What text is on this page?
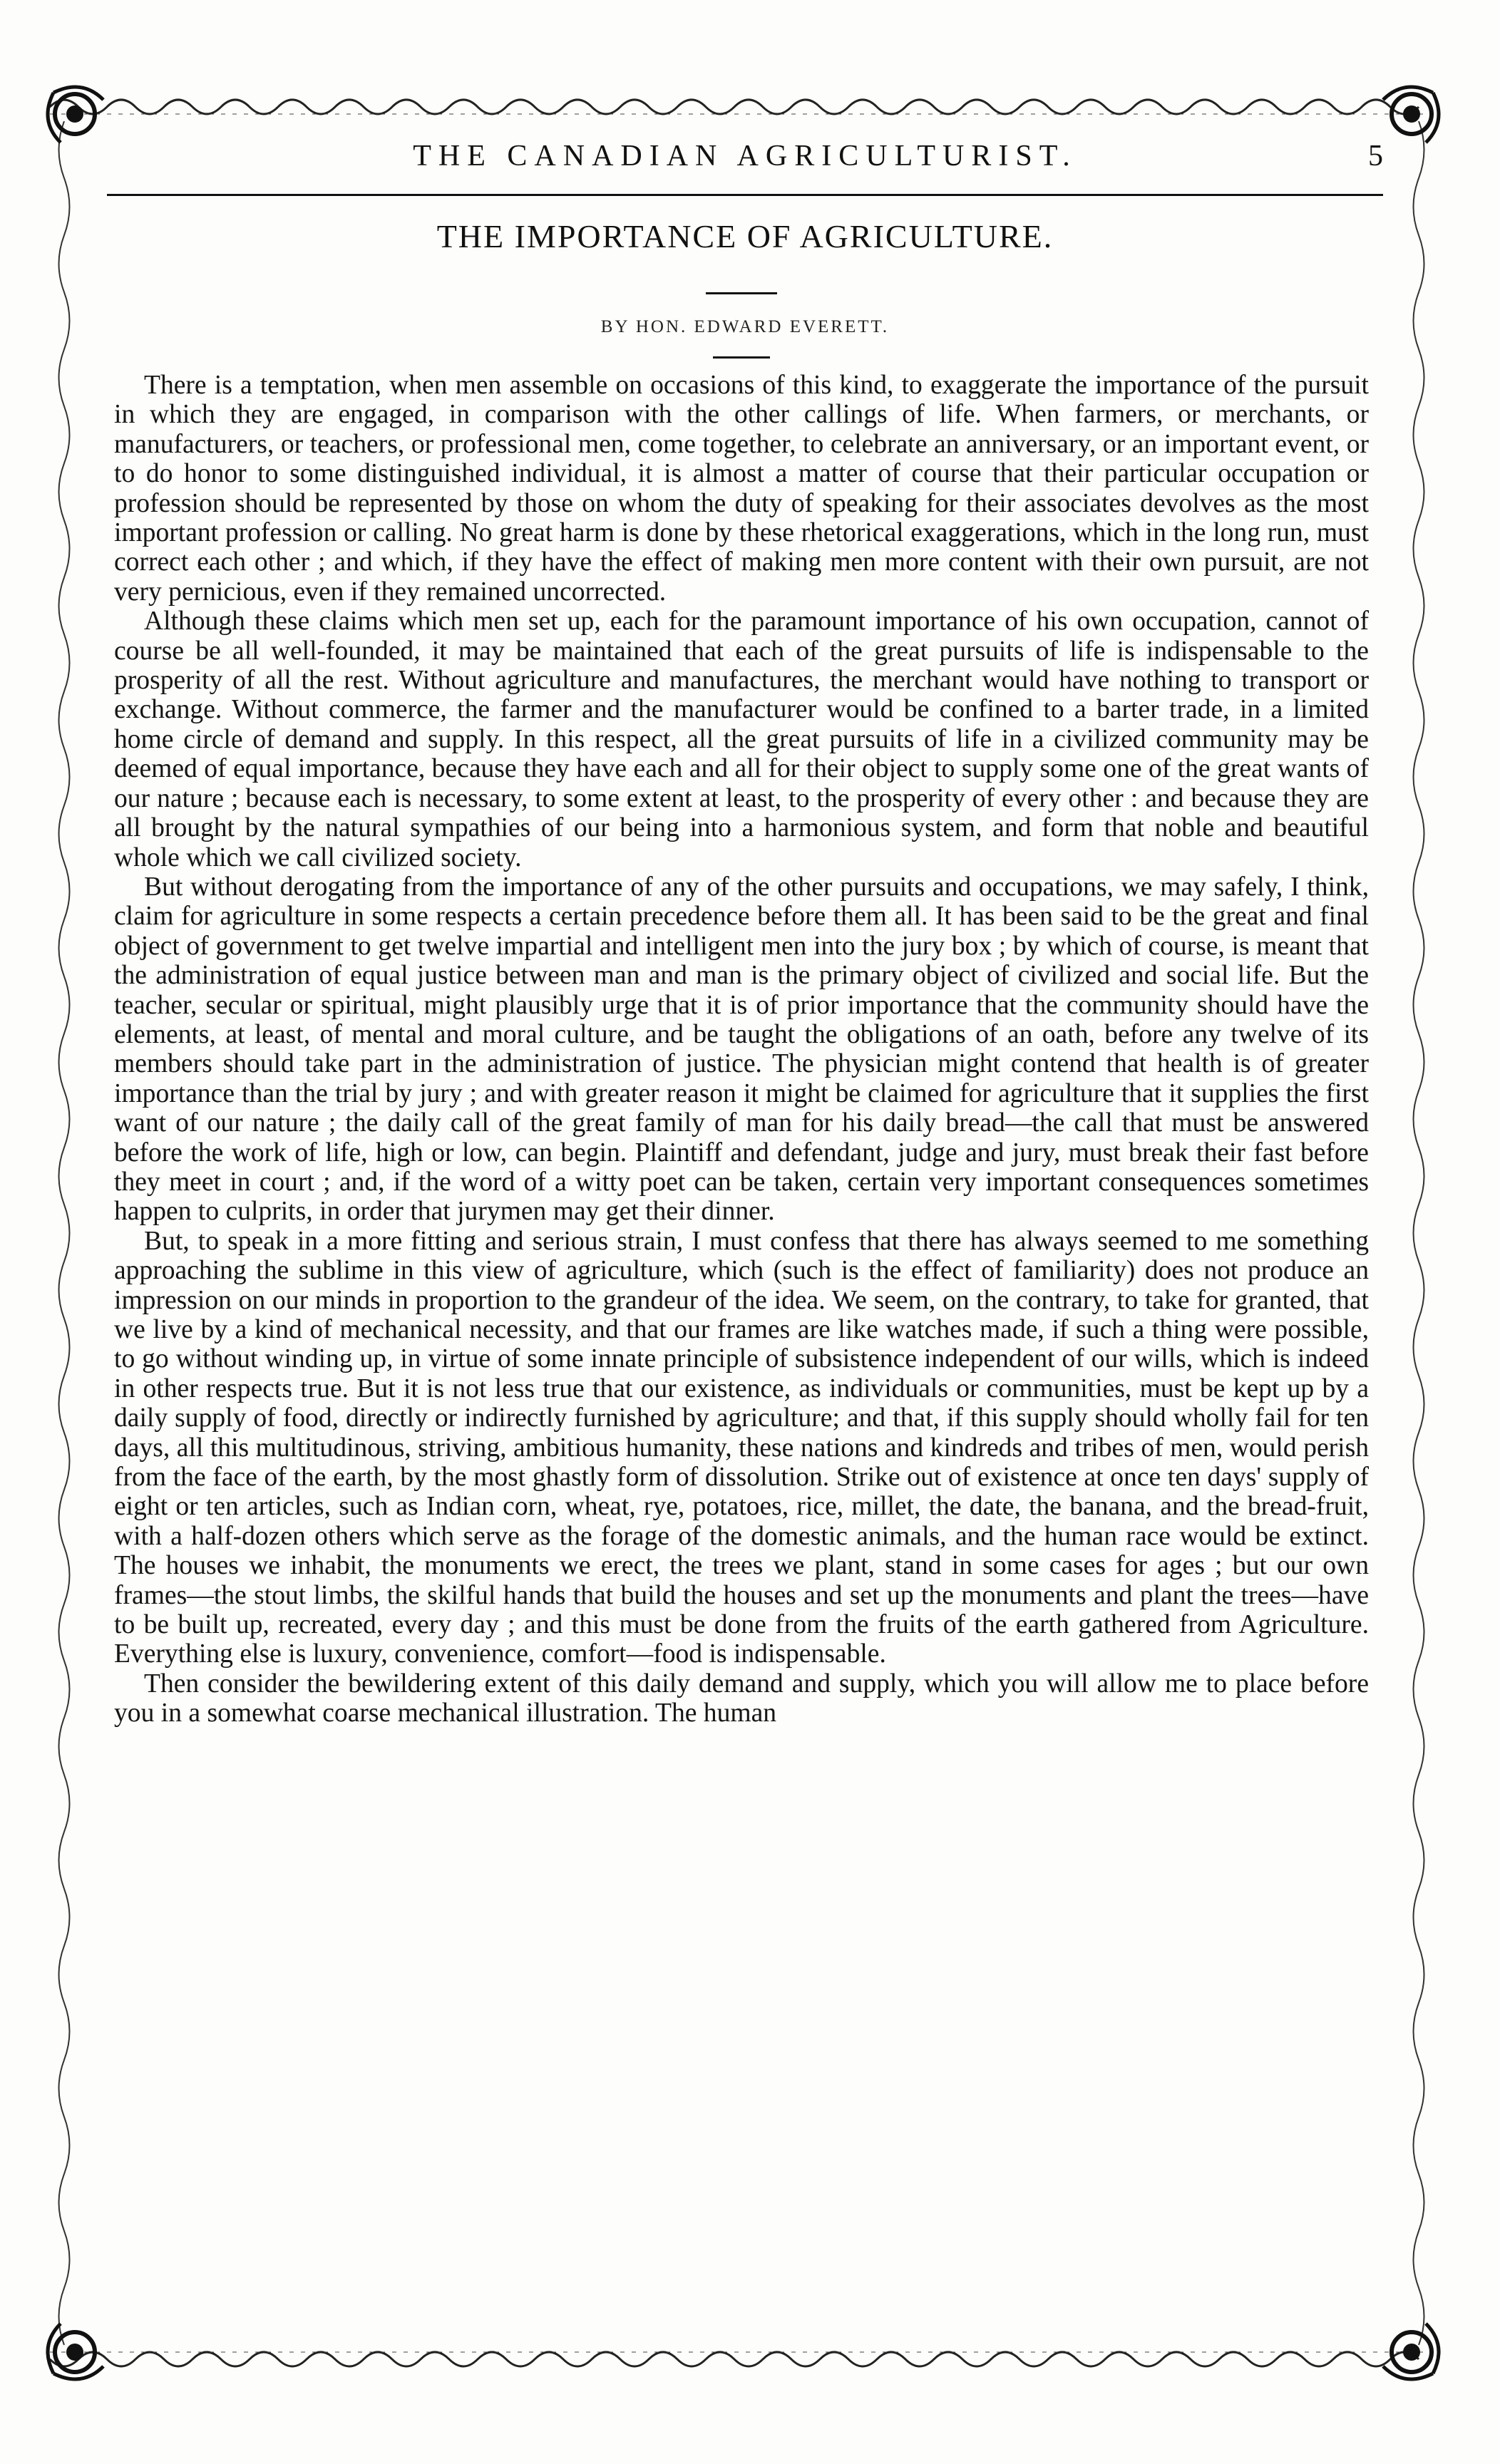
THE CANADIAN AGRICULTURIST.	5
THE IMPORTANCE OF AGRICULTURE.
BY HON. EDWARD EVERETT.

There is a temptation, when men assemble on occasions of this kind, to exaggerate the importance of the pursuit in which they are engaged, in comparison with the other callings of life. When farmers, or merchants, or manufacturers, or teachers, or professional men, come together, to celebrate an anniversary, or an important event, or to do honor to some distinguished individual, it is almost a matter of course that their particular occupation or profession should be represented by those on whom the duty of speaking for their associates devolves as the most important profession or calling. No great harm is done by these rhetorical exaggerations, which in the long run, must correct each other ; and which, if they have the effect of making men more content with their own pursuit, are not very pernicious, even if they remained uncorrected.

Although these claims which men set up, each for the paramount importance of his own occupation, cannot of course be all well-founded, it may be maintained that each of the great pursuits of life is indispensable to the prosperity of all the rest. Without agriculture and manufactures, the merchant would have nothing to transport or exchange. Without commerce, the farmer and the manufacturer would be confined to a barter trade, in a limited home circle of demand and supply. In this respect, all the great pursuits of life in a civilized community may be deemed of equal importance, because they have each and all for their object to supply some one of the great wants of our nature ; because each is necessary, to some extent at least, to the prosperity of every other : and because they are all brought by the natural sympathies of our being into a harmonious system, and form that noble and beautiful whole which we call civilized society.

But without derogating from the importance of any of the other pursuits and occupations, we may safely, I think, claim for agriculture in some respects a certain precedence before them all. It has been said to be the great and final object of government to get twelve impartial and intelligent men into the jury box ; by which of course, is meant that the administration of equal justice between man and man is the primary object of civilized and social life. But the teacher, secular or spiritual, might plausibly urge that it is of prior importance that the community should have the elements, at least, of mental and moral culture, and be taught the obligations of an oath, before any twelve of its members should take part in the administration of justice. The physician might contend that health is of greater importance than the trial by jury ; and with greater reason it might be claimed for agriculture that it supplies the first want of our nature ; the daily call of the great family of man for his daily bread—the call that must be answered before the work of life, high or low, can begin. Plaintiff and defendant, judge and jury, must break their fast before they meet in court ; and, if the word of a witty poet can be taken, certain very important consequences sometimes happen to culprits, in order that jurymen may get their dinner.

But, to speak in a more fitting and serious strain, I must confess that there has always seemed to me something approaching the sublime in this view of agriculture, which (such is the effect of familiarity) does not produce an impression on our minds in proportion to the grandeur of the idea. We seem, on the contrary, to take for granted, that we live by a kind of mechanical necessity, and that our frames are like watches made, if such a thing were possible, to go without winding up, in virtue of some innate principle of subsistence independent of our wills, which is indeed in other respects true. But it is not less true that our existence, as individuals or communities, must be kept up by a daily supply of food, directly or indirectly furnished by agriculture; and that, if this supply should wholly fail for ten days, all this multitudinous, striving, ambitious humanity, these nations and kindreds and tribes of men, would perish from the face of the earth, by the most ghastly form of dissolution. Strike out of existence at once ten days' supply of eight or ten articles, such as Indian corn, wheat, rye, potatoes, rice, millet, the date, the banana, and the bread-fruit, with a half-dozen others which serve as the forage of the domestic animals, and the human race would be extinct. The houses we inhabit, the monuments we erect, the trees we plant, stand in some cases for ages ; but our own frames—the stout limbs, the skilful hands that build the houses and set up the monuments and plant the trees—have to be built up, recreated, every day ; and this must be done from the fruits of the earth gathered from Agriculture. Everything else is luxury, convenience, comfort—food is indispensable.

Then consider the bewildering extent of this daily demand and supply, which you will allow me to place before you in a somewhat coarse mechanical illustration. The human
